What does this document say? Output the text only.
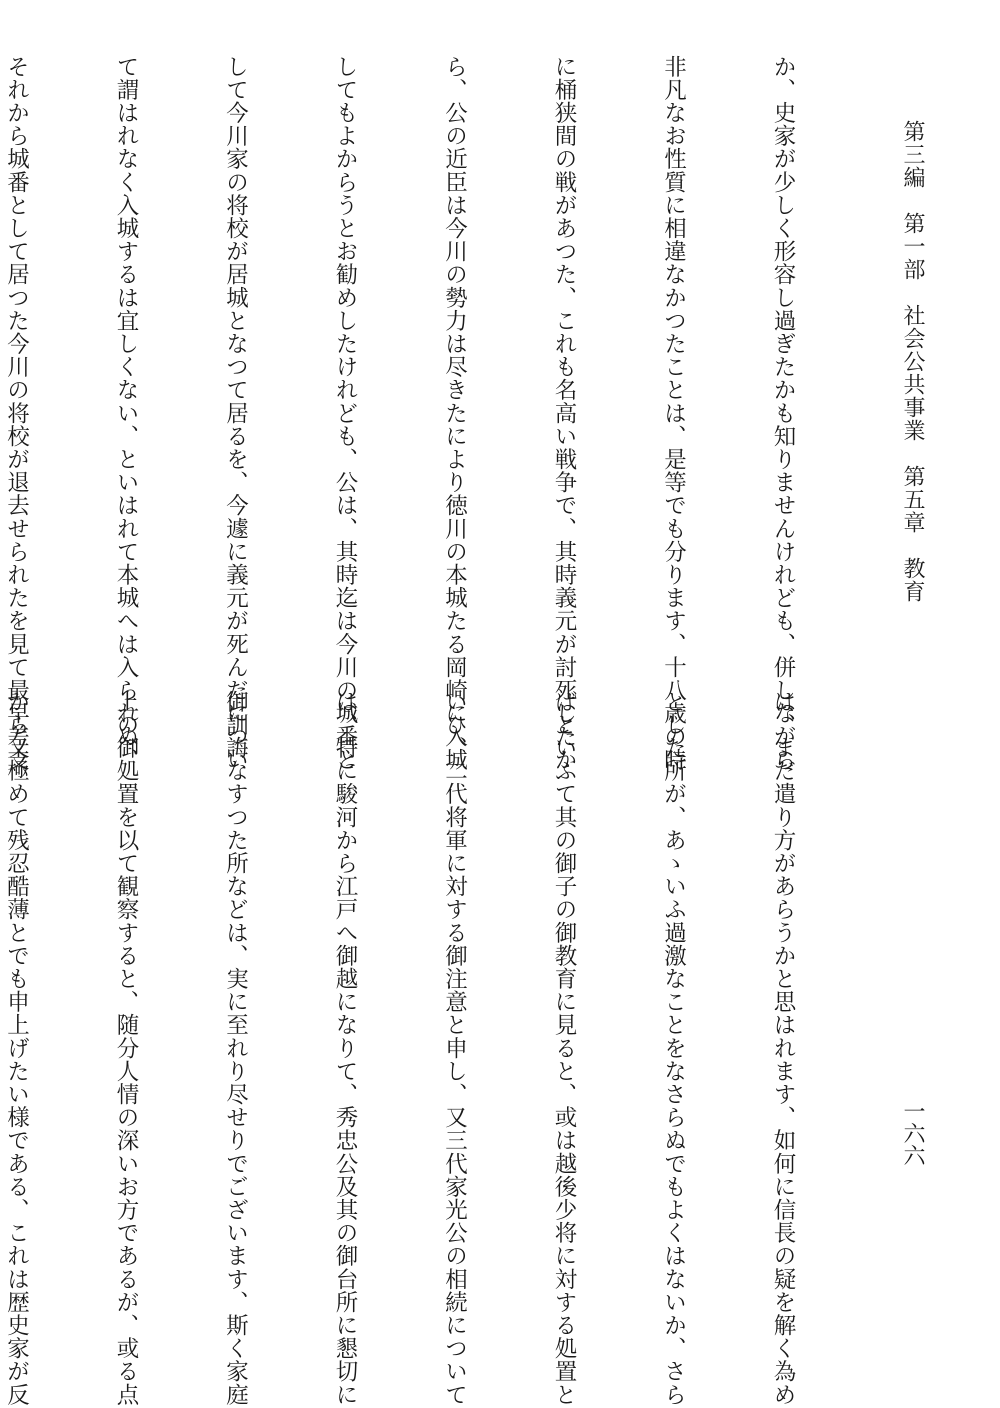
第三編　第一部　社会公共事業　第五章　教育
一六六

か、史家が少しく形容し過ぎたかも知りませんけれども、併しながら

非凡なお性質に相違なかつたことは、是等でも分ります、十八歳の時

に桶狭間の戦があつた、これも名高い戦争で、其時義元が討死したか

ら、公の近臣は今川の勢力は尽きたにより徳川の本城たる岡崎に入城

してもよからうとお勧めしたけれども、公は、其時迄は今川の城番と

して今川家の将校が居城となつて居るを、今遽に義元が死んだについ

て謂はれなく入城するは宜しくない、といはれて本城へは入られぬ、

それから城番として居つた今川の将校が退去せられたを見て最早差支

は、まだ遣り方があらうかと思はれます、如何に信長の疑を解く為め

とした所が、あゝいふ過激なことをなさらぬでもよくはないか、さら

ばといふて其の御子の御教育に見ると、或は越後少将に対する処置と

いひ、二代将軍に対する御注意と申し、又三代家光公の相続について

は、特に駿河から江戸へ御越になりて、秀忠公及其の御台所に懇切に

御訓誨なすつた所などは、実に至れり尽せりでございます、斯く家庭

上の御処置を以て観察すると、随分人情の深いお方であるが、或る点

から又極めて残忍酷薄とでも申上げたい様である、これは歴史家が反
